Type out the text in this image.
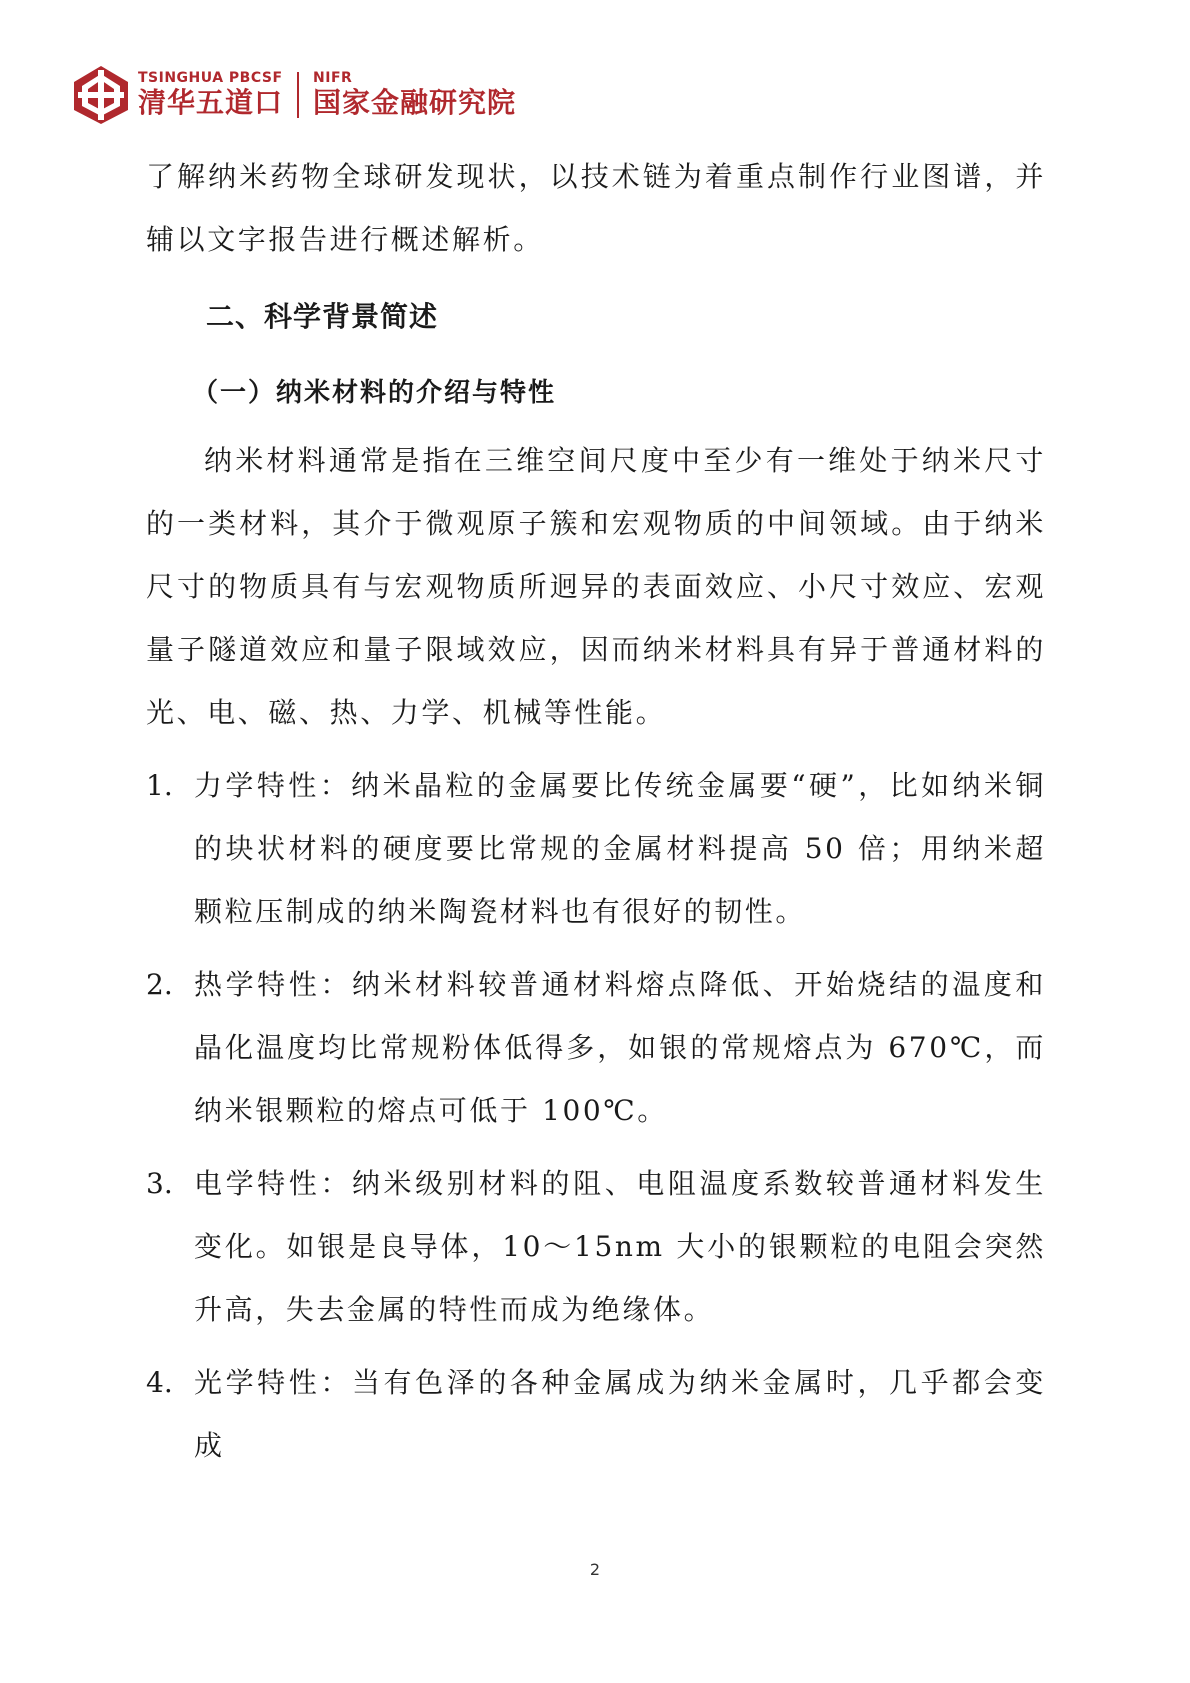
TSINGHUA PBCSF
清华五道口
NIFR
国家金融研究院

了解纳米药物全球研发现状，以技术链为着重点制作行业图谱，并辅以文字报告进行概述解析。

二、科学背景简述
（一）纳米材料的介绍与特性

纳米材料通常是指在三维空间尺度中至少有一维处于纳米尺寸的一类材料，其介于微观原子簇和宏观物质的中间领域。由于纳米尺寸的物质具有与宏观物质所迥异的表面效应、小尺寸效应、宏观量子隧道效应和量子限域效应，因而纳米材料具有异于普通材料的光、电、磁、热、力学、机械等性能。

1. 力学特性：纳米晶粒的金属要比传统金属要“硬”，比如纳米铜的块状材料的硬度要比常规的金属材料提高 50 倍；用纳米超颗粒压制成的纳米陶瓷材料也有很好的韧性。

2. 热学特性：纳米材料较普通材料熔点降低、开始烧结的温度和晶化温度均比常规粉体低得多，如银的常规熔点为 670℃，而纳米银颗粒的熔点可低于 100℃。

3. 电学特性：纳米级别材料的阻、电阻温度系数较普通材料发生变化。如银是良导体，10～15nm 大小的银颗粒的电阻会突然升高，失去金属的特性而成为绝缘体。

4. 光学特性：当有色泽的各种金属成为纳米金属时，几乎都会变成

2
